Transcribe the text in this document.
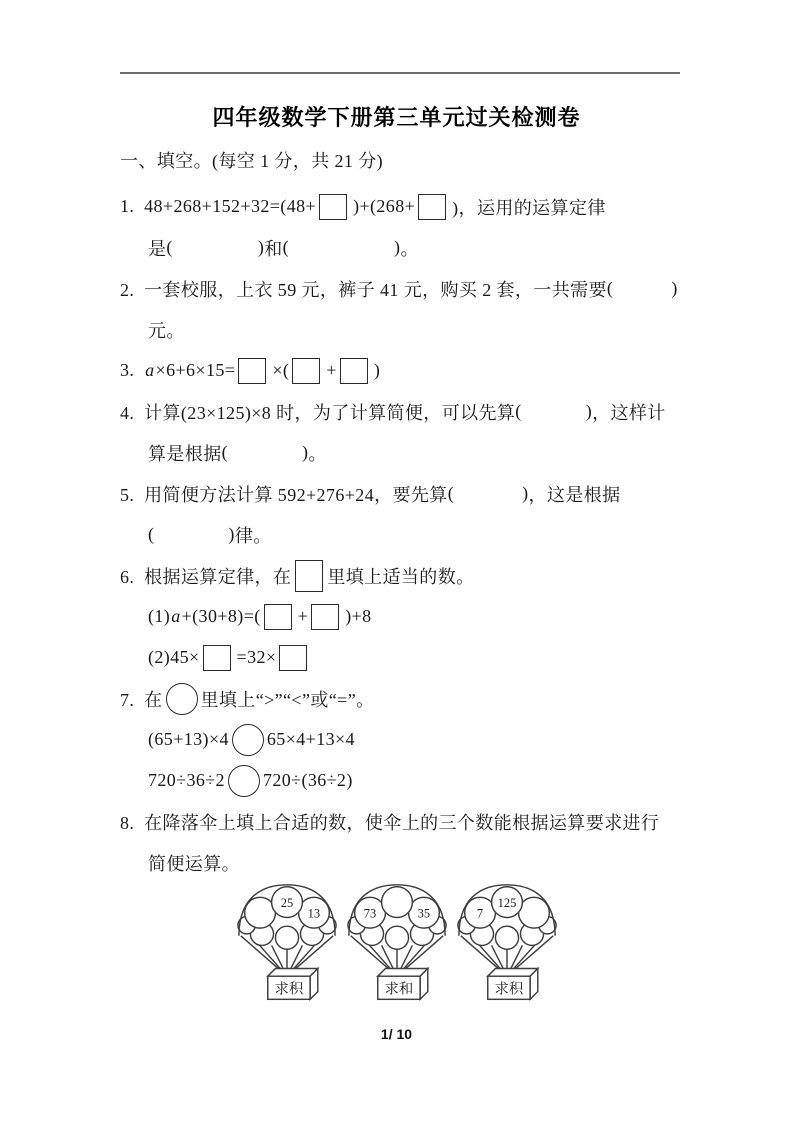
四年级数学下册第三单元过关检测卷
一、填空。(每空 1 分，共 21 分)
1.  48+268+152+32=(48+ )+(268+ )，运用的运算定律
是 (	) 和 (	) 。
2.  一套校服，上衣 59 元，裤子 41 元，购买 2 套，一共需要 (	)
元。
3. a ×6+6×15= ×( + )
4.  计算(23×125)×8 时，为了计算简便，可以先算 (	) ，这样计
算是根据 (	) 。
5.  用简便方法计算 592+276+24，要先算 (	) ，这是根据
(	) 律。
6.  根据运算定律，在 里填上适当的数。
(1) a +(30+8)=( + )+8
(2)45× =32×
7.  在 里填上“>”“<”或“=”。
(65+13)×4 65×4+13×4
720÷36÷2 720÷(36÷2)
8.  在降落伞上填上合适的数，使伞上的三个数能根据运算要求进行
简便运算。
25
13
求积
73	35
求和
7
125
求积
1/ 10
